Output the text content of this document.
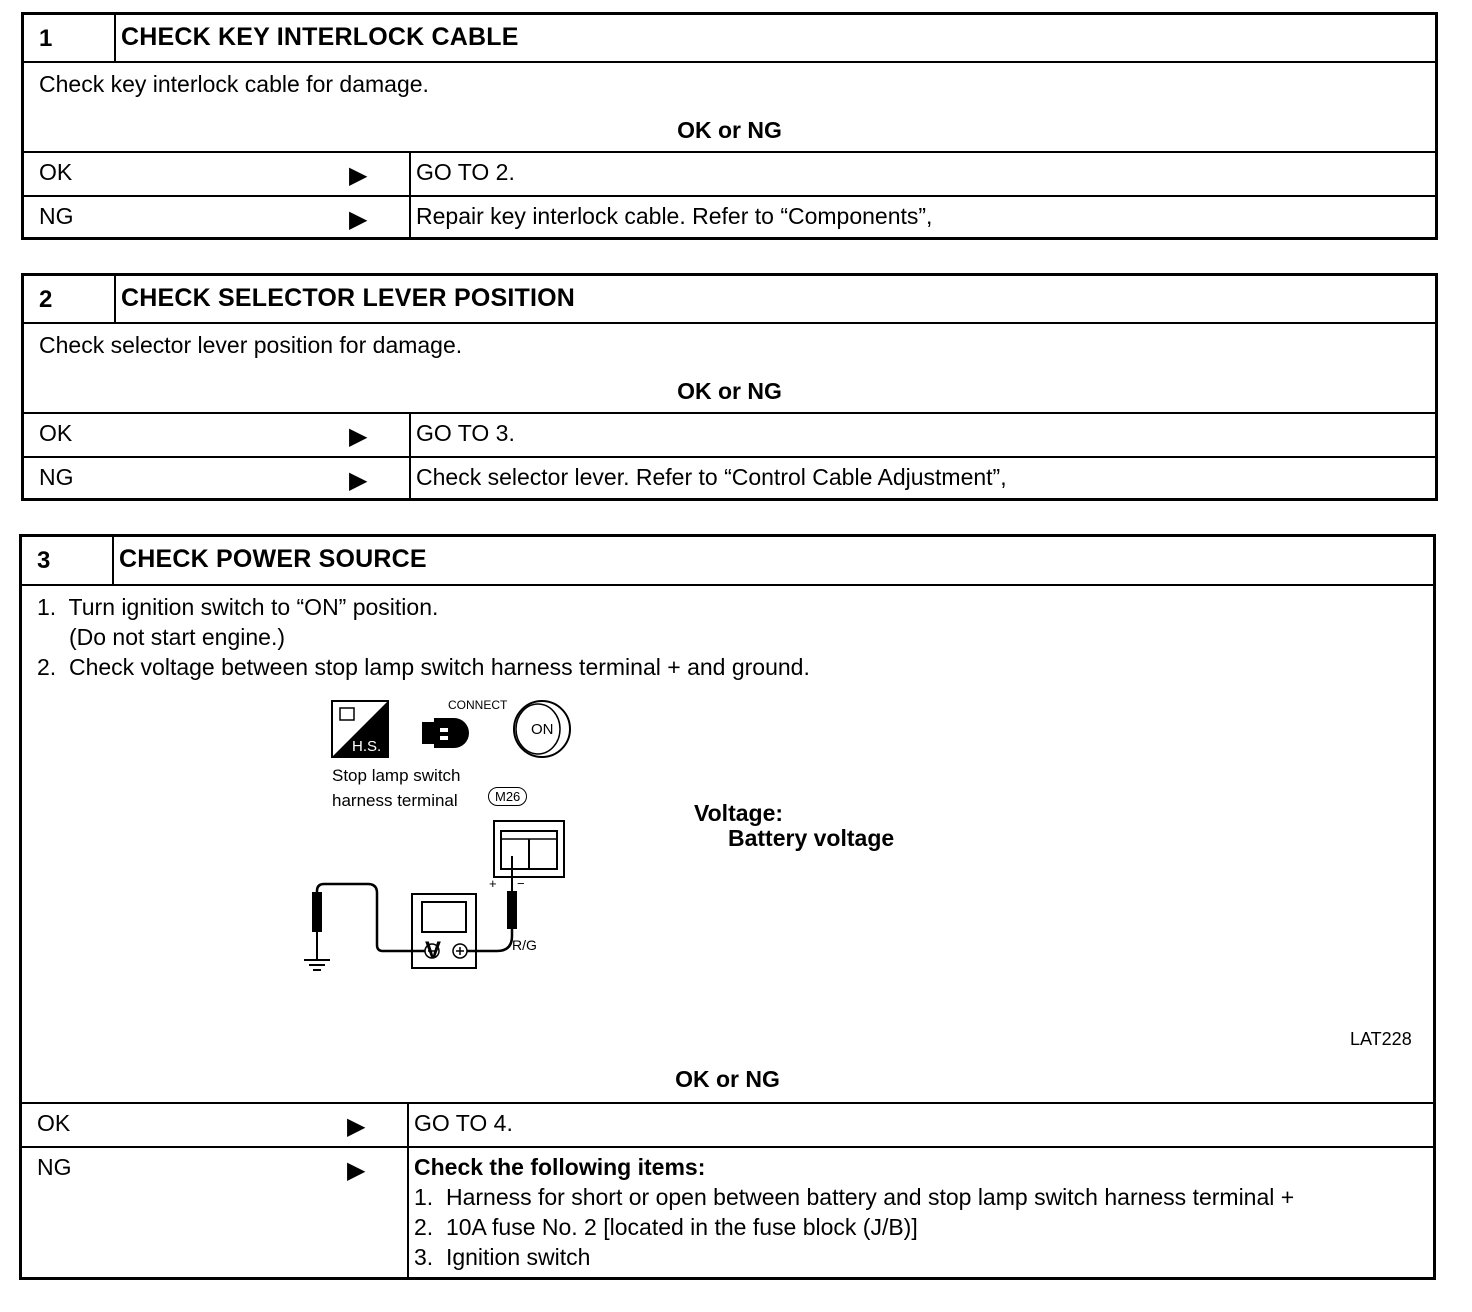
1	CHECK KEY INTERLOCK CABLE
Check key interlock cable for damage.
OK or NG
OK	▶ GO TO 2.
NG	▶ Repair key interlock cable. Refer to “Components”,
2	CHECK SELECTOR LEVER POSITION
Check selector lever position for damage.
OK or NG
OK	▶ GO TO 3.
NG	▶ Check selector lever. Refer to “Control Cable Adjustment”,
3	CHECK POWER SOURCE
1.  Turn ignition switch to “ON” position.
(Do not start engine.)
2.  Check voltage between stop lamp switch harness terminal + and ground.
CONNECT
H.S.
ON
Stop lamp switch
harness terminal	M26
V
+ −
R/G
Voltage:
Battery voltage
LAT228
OK or NG
OK	▶ GO TO 4.
NG	▶ Check the following items:
1.  Harness for short or open between battery and stop lamp switch harness terminal +
2.  10A fuse No. 2 [located in the fuse block (J/B)]
3.  Ignition switch
